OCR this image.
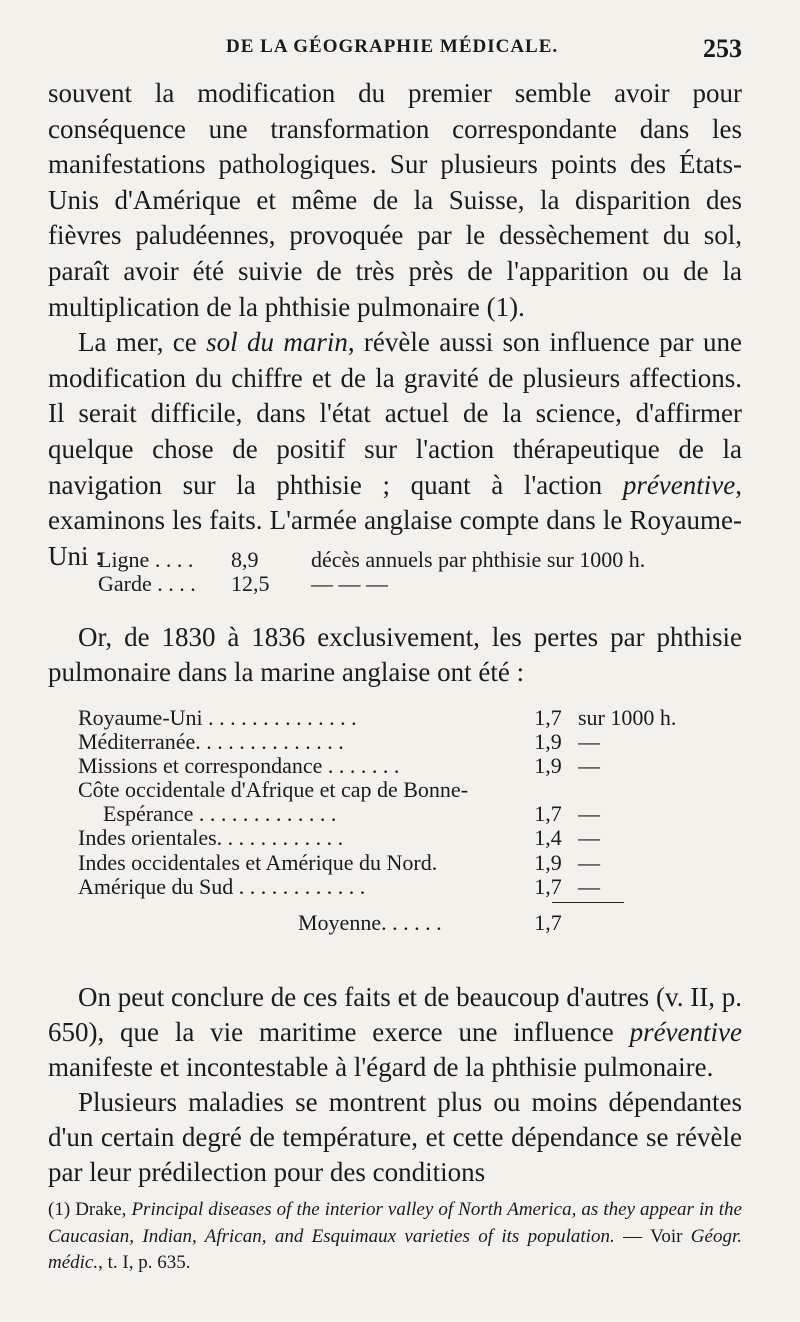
DE LA GÉOGRAPHIE MÉDICALE.	253

souvent la modification du premier semble avoir pour conséquence une transformation correspondante dans les manifestations pathologiques. Sur plusieurs points des États-Unis d'Amérique et même de la Suisse, la disparition des fièvres paludéennes, provoquée par le dessèchement du sol, paraît avoir été suivie de très près de l'apparition ou de la multiplication de la phthisie pulmonaire (1).

La mer, ce sol du marin, révèle aussi son influence par une modification du chiffre et de la gravité de plusieurs affections. Il serait difficile, dans l'état actuel de la science, d'affirmer quelque chose de positif sur l'action thérapeutique de la navigation sur la phthisie ; quant à l'action préventive, examinons les faits. L'armée anglaise compte dans le Royaume-Uni :

Ligne . . . .	8,9	décès annuels par phthisie sur 1000 h.
Garde . . . .	12,5	— — —

Or, de 1830 à 1836 exclusivement, les pertes par phthisie pulmonaire dans la marine anglaise ont été :

Royaume-Uni . . . . . . . . . . . . . .	1,7 sur 1000 h.
Méditerranée. . . . . . . . . . . . . .	1,9 —
Missions et correspondance . . . . . . .	1,9 —
Côte occidentale d'Afrique et cap de Bonne-
Espérance . . . . . . . . . . . . .	1,7 —
Indes orientales. . . . . . . . . . . .	1,4 —
Indes occidentales et Amérique du Nord.	1,9 —
Amérique du Sud . . . . . . . . . . . .	1,7 —
Moyenne. . . . . .	1,7

On peut conclure de ces faits et de beaucoup d'autres (v. II, p. 650), que la vie maritime exerce une influence préventive manifeste et incontestable à l'égard de la phthisie pulmonaire.

Plusieurs maladies se montrent plus ou moins dépendantes d'un certain degré de température, et cette dépendance se révèle par leur prédilection pour des conditions

(1) Drake, Principal diseases of the interior valley of North America, as they appear in the Caucasian, Indian, African, and Esquimaux varieties of its population. — Voir Géogr. médic., t. I, p. 635.
